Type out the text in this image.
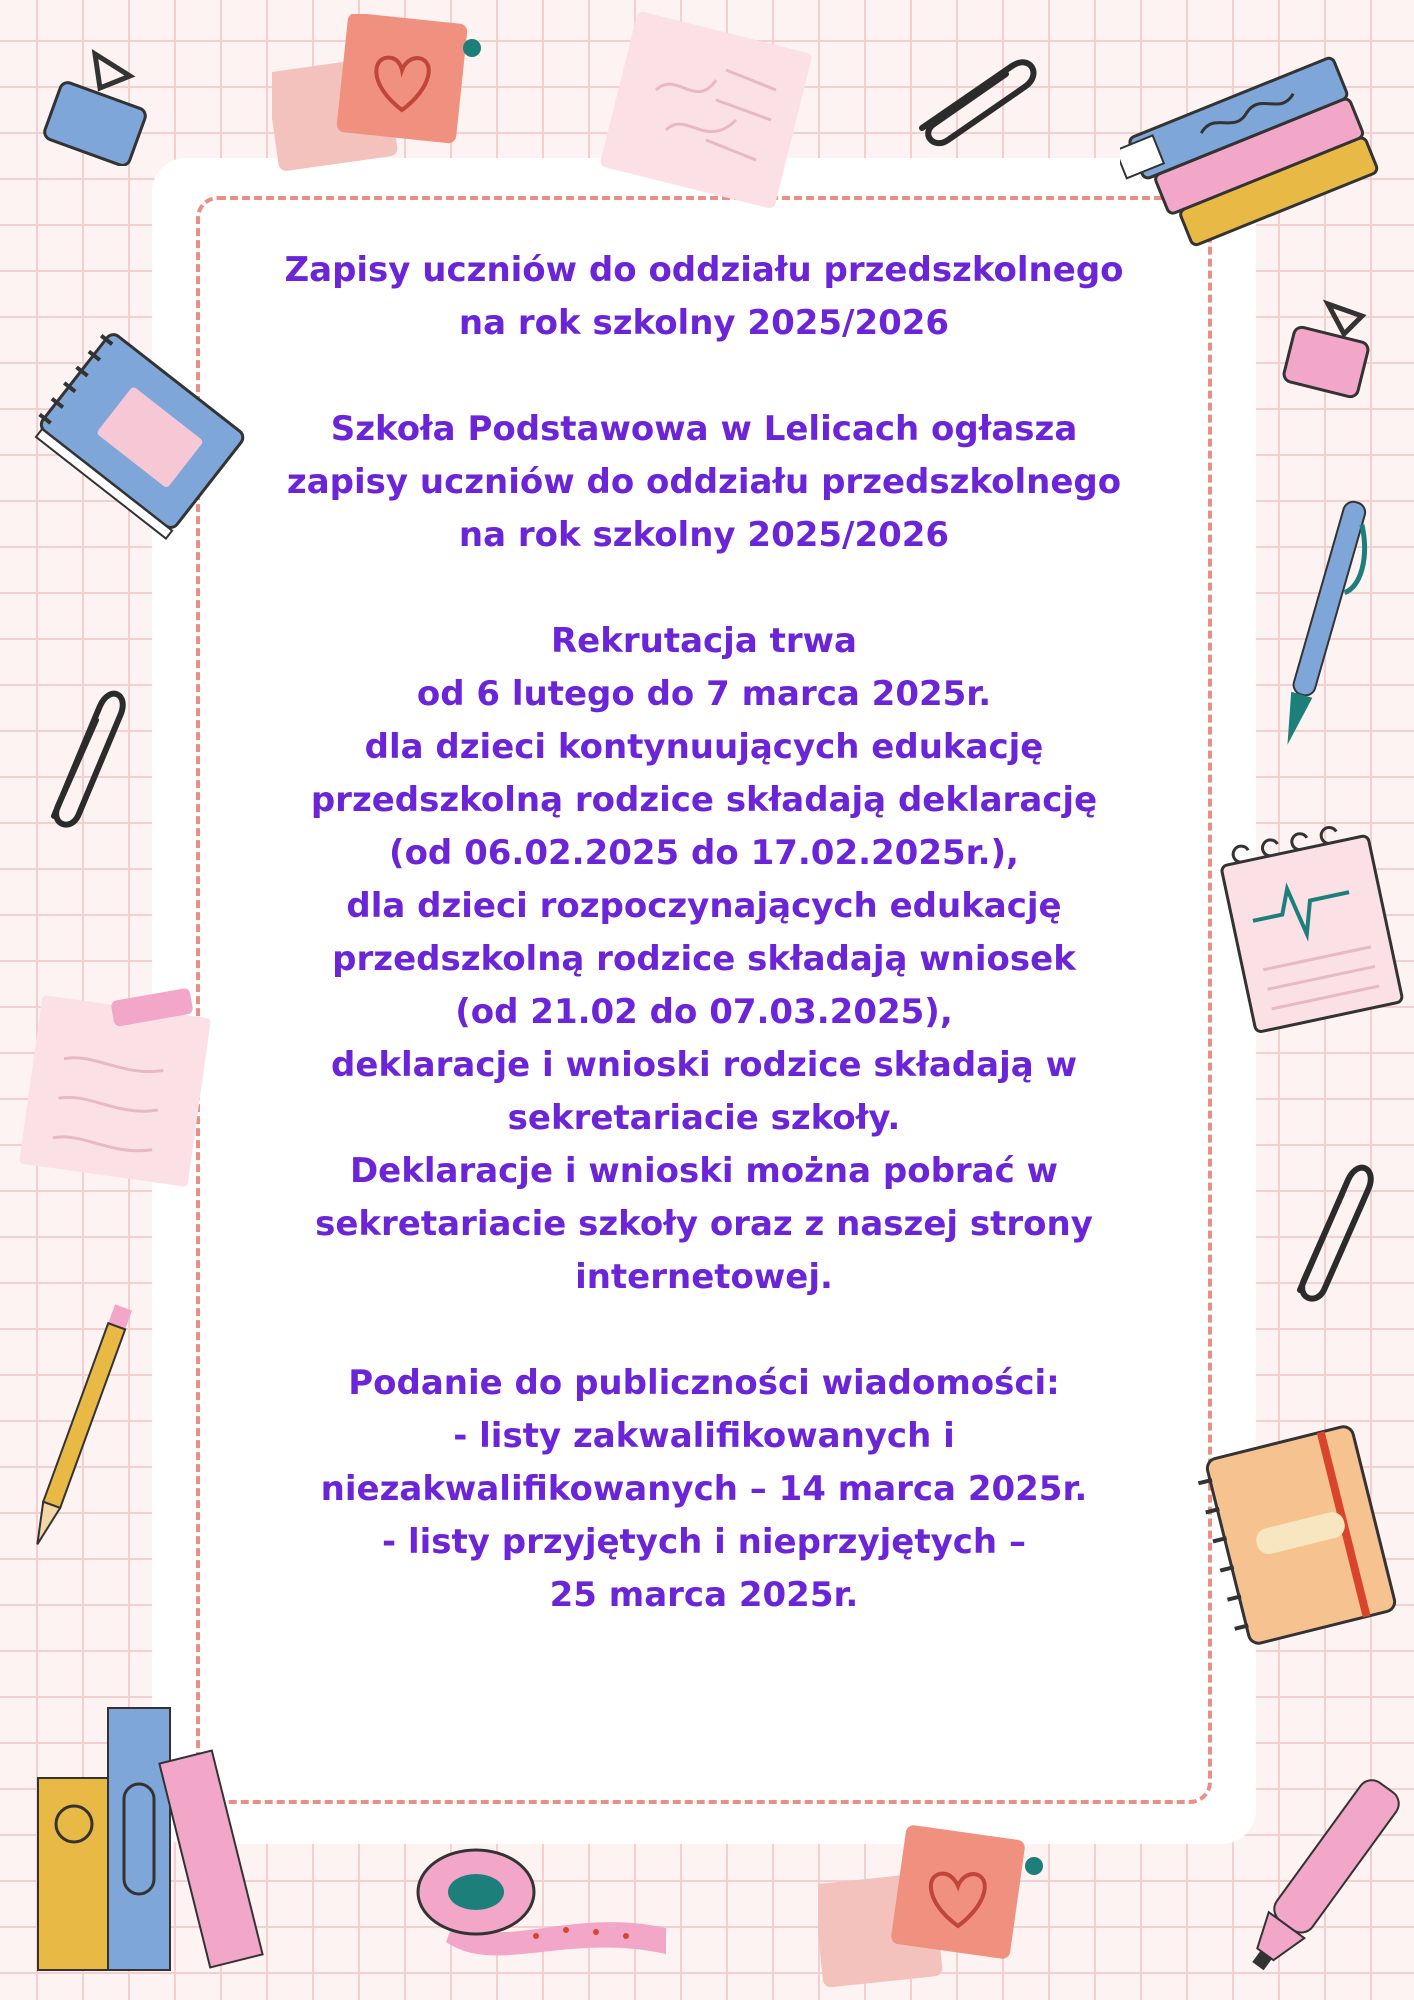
Zapisy uczniów do oddziału przedszkolnego
na rok szkolny 2025/2026

Szkoła Podstawowa w Lelicach ogłasza
zapisy uczniów do oddziału przedszkolnego
na rok szkolny 2025/2026

Rekrutacja trwa
od 6 lutego do 7 marca 2025r.
dla dzieci kontynuujących edukację
przedszkolną rodzice składają deklarację
(od 06.02.2025 do 17.02.2025r.),
dla dzieci rozpoczynających edukację
przedszkolną rodzice składają wniosek
(od 21.02 do 07.03.2025),
deklaracje i wnioski rodzice składają w
sekretariacie szkoły.
Deklaracje i wnioski można pobrać w
sekretariacie szkoły oraz z naszej strony
internetowej.

Podanie do publiczności wiadomości:
- listy zakwalifikowanych i
niezakwalifikowanych – 14 marca 2025r.
- listy przyjętych i nieprzyjętych –
25 marca 2025r.
